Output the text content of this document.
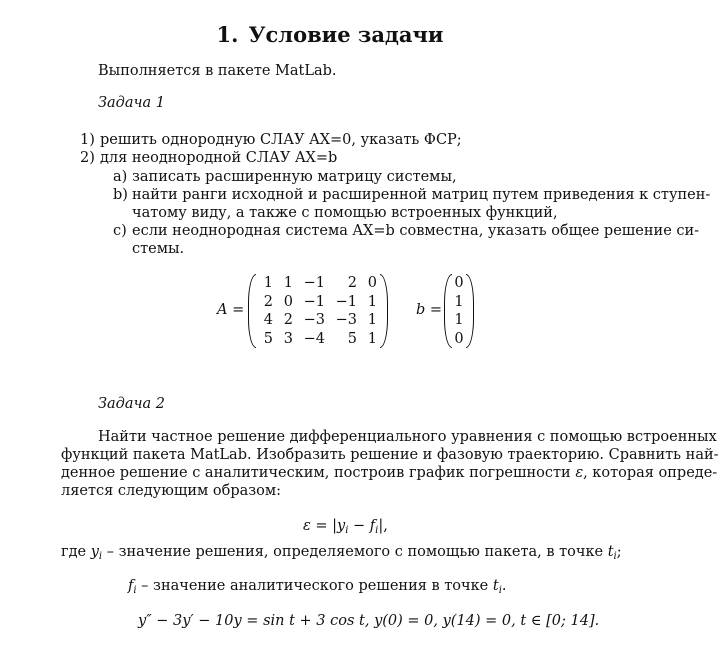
1. Условие задачи
Выполняется в пакете MatLab.
Задача 1
1) решить однородную СЛАУ AX=0, указать ФСР;
2) для неоднородной СЛАУ AX=b
a) записать расширенную матрицу системы,
b) найти ранги исходной и расширенной матриц путем приведения к ступен-
чатому виду, а также с помощью встроенных функций,
c) если неоднородная система AX=b совместна, указать общее решение си-
стемы.
A =
1 1 −1	2 0
2 0 −1 −1 1
4 2 −3 −3 1
5 3 −4	5 1
b =
0
1
1
0
Задача 2
Найти частное решение дифференциального уравнения с помощью встроенных
функций пакета MatLab. Изобразить решение и фазовую траекторию. Сравнить най-
денное решение с аналитическим, построив график погрешности ε, которая опреде-
ляется следующим образом:
$\varepsilon = |y_i - f_i|$,
где $y_i$ – значение решения, определяемого с помощью пакета, в точке $t_i$;
$f_i$ – значение аналитического решения в точке $t_i$.
y″ − 3y′ − 10y = sin t + 3 cos t, y(0) = 0, y(14) = 0, t ∈ [0; 14].
